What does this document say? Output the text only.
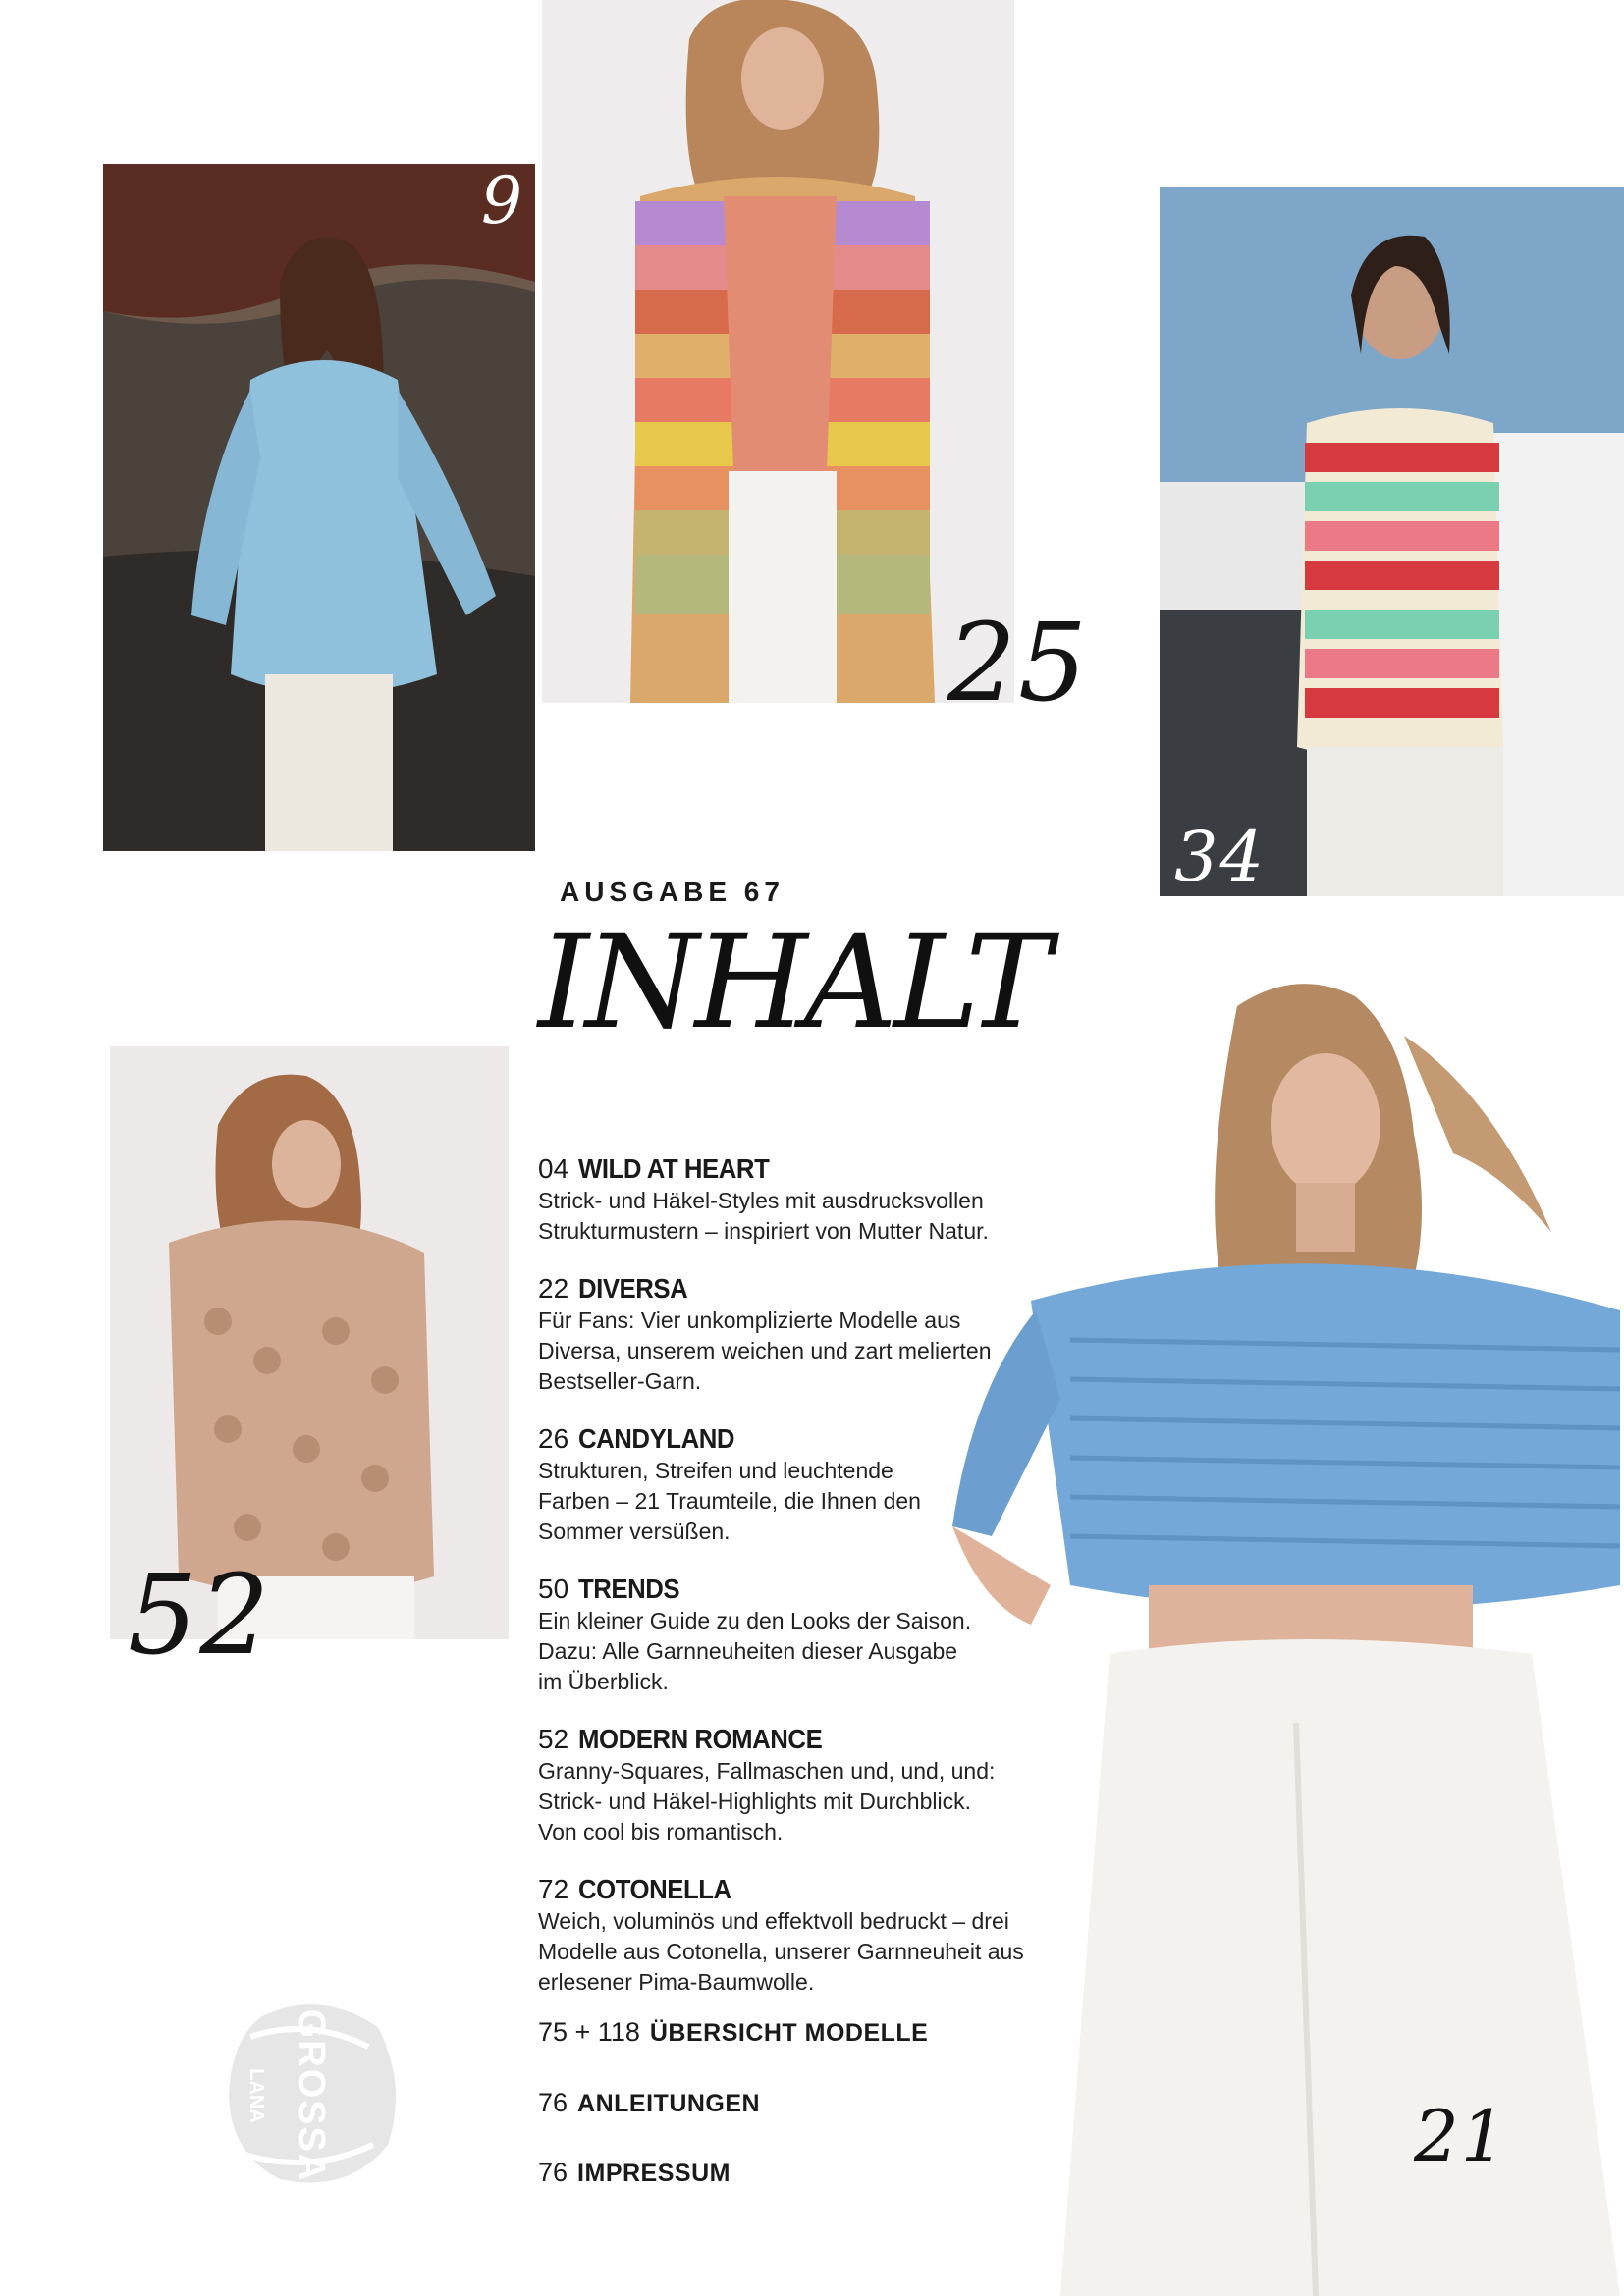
9
25
34
AUSGABE 67
INHALT
52
21
04 WILD AT HEART
Strick- und Häkel-Styles mit ausdrucksvollen
Strukturmustern – inspiriert von Mutter Natur.
22 DIVERSA
Für Fans: Vier unkomplizierte Modelle aus
Diversa, unserem weichen und zart melierten
Bestseller-Garn.
26 CANDYLAND
Strukturen, Streifen und leuchtende
Farben – 21 Traumteile, die Ihnen den
Sommer versüßen.
50 TRENDS
Ein kleiner Guide zu den Looks der Saison.
Dazu: Alle Garnneuheiten dieser Ausgabe
im Überblick.
52 MODERN ROMANCE
Granny-Squares, Fallmaschen und, und, und:
Strick- und Häkel-Highlights mit Durchblick.
Von cool bis romantisch.
72 COTONELLA
Weich, voluminös und effektvoll bedruckt – drei
Modelle aus Cotonella, unserer Garnneuheit aus
erlesener Pima-Baumwolle.
75 + 118 ÜBERSICHT MODELLE
76 ANLEITUNGEN
76 IMPRESSUM
GROSSA
LANA
